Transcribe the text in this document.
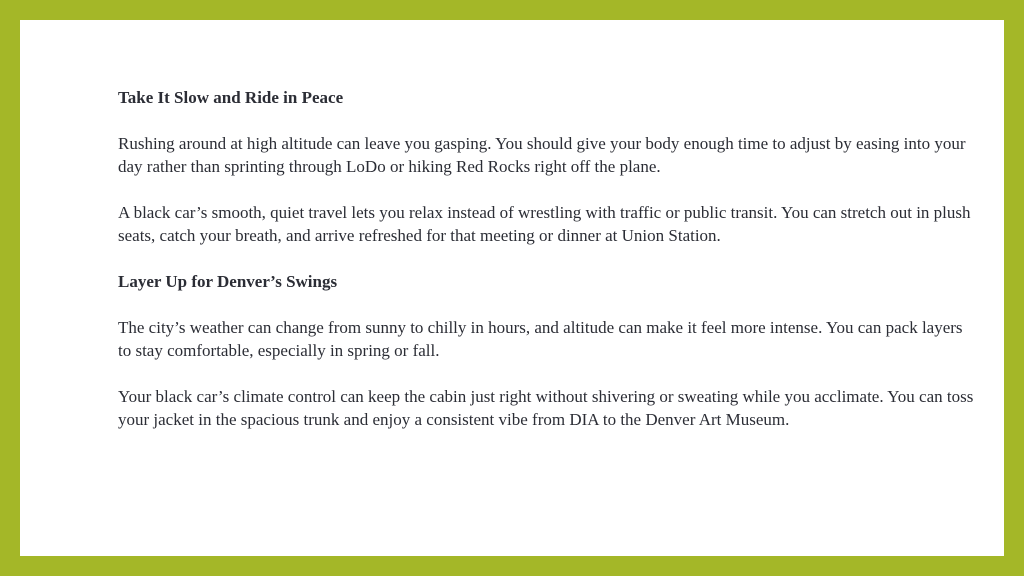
Take It Slow and Ride in Peace

Rushing around at high altitude can leave you gasping. You should give your body enough time to adjust by easing into your day rather than sprinting through LoDo or hiking Red Rocks right off the plane.

A black car’s smooth, quiet travel lets you relax instead of wrestling with traffic or public transit. You can stretch out in plush seats, catch your breath, and arrive refreshed for that meeting or dinner at Union Station.

Layer Up for Denver’s Swings

The city’s weather can change from sunny to chilly in hours, and altitude can make it feel more intense. You can pack layers to stay comfortable, especially in spring or fall.

Your black car’s climate control can keep the cabin just right without shivering or sweating while you acclimate. You can toss your jacket in the spacious trunk and enjoy a consistent vibe from DIA to the Denver Art Museum.
